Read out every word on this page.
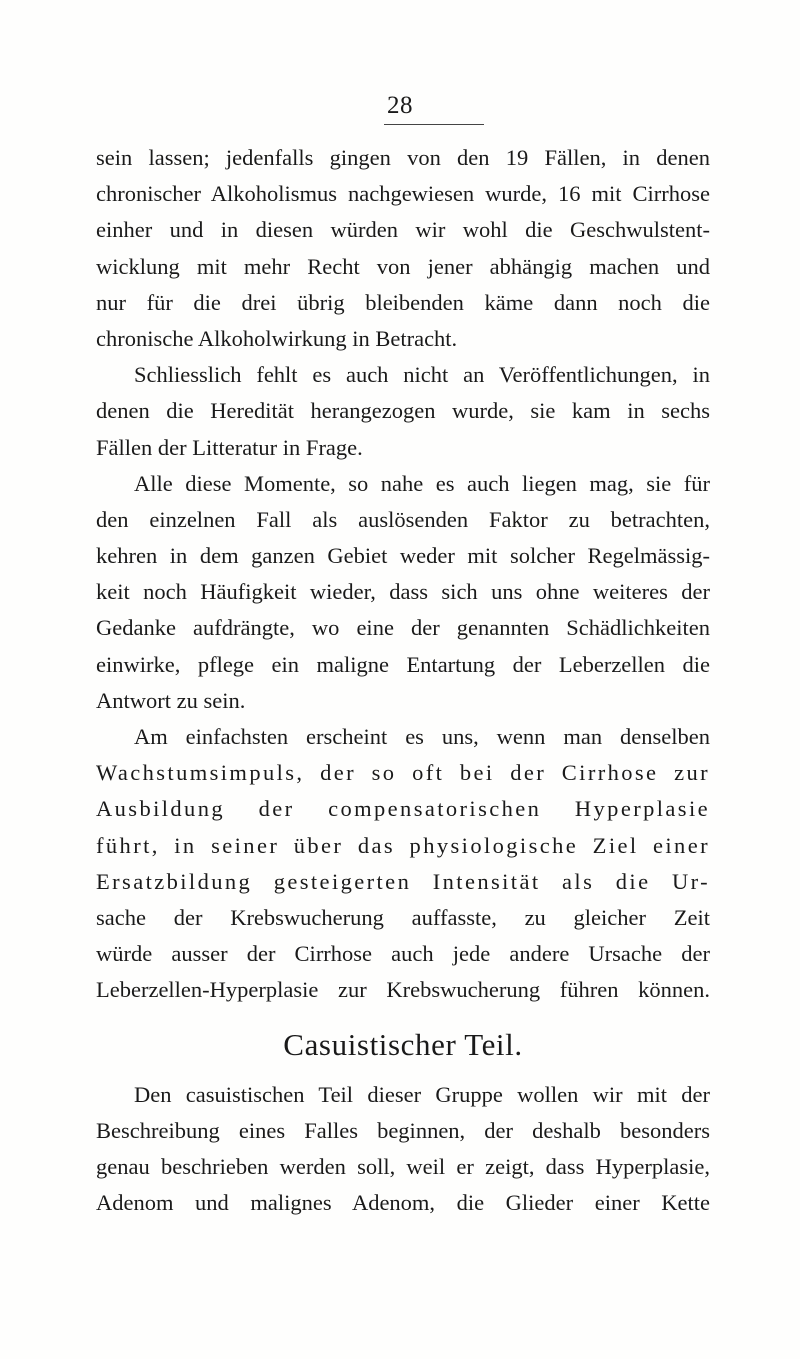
28
sein lassen; jedenfalls gingen von den 19 Fällen, in denen
chronischer Alkoholismus nachgewiesen wurde, 16 mit Cirrhose
einher und in diesen würden wir wohl die Geschwulstent-
wicklung mit mehr Recht von jener abhängig machen und
nur für die drei übrig bleibenden käme dann noch die
chronische Alkoholwirkung in Betracht.
Schliesslich fehlt es auch nicht an Veröffentlichungen, in
denen die Heredität herangezogen wurde, sie kam in sechs
Fällen der Litteratur in Frage.
Alle diese Momente, so nahe es auch liegen mag, sie für
den einzelnen Fall als auslösenden Faktor zu betrachten,
kehren in dem ganzen Gebiet weder mit solcher Regelmässig-
keit noch Häufigkeit wieder, dass sich uns ohne weiteres der
Gedanke aufdrängte, wo eine der genannten Schädlichkeiten
einwirke, pflege ein maligne Entartung der Leberzellen die
Antwort zu sein.
Am einfachsten erscheint es uns, wenn man denselben
Wachstumsimpuls, der so oft bei der Cirrhose zur
Ausbildung der compensatorischen Hyperplasie
führt, in seiner über das physiologische Ziel einer
Ersatzbildung gesteigerten Intensität als die Ur-
sache der Krebswucherung auffasste, zu gleicher Zeit
würde ausser der Cirrhose auch jede andere Ursache der
Leberzellen-Hyperplasie zur Krebswucherung führen können.
Casuistischer Teil.
Den casuistischen Teil dieser Gruppe wollen wir mit der
Beschreibung eines Falles beginnen, der deshalb besonders
genau beschrieben werden soll, weil er zeigt, dass Hyperplasie,
Adenom und malignes Adenom, die Glieder einer Kette
